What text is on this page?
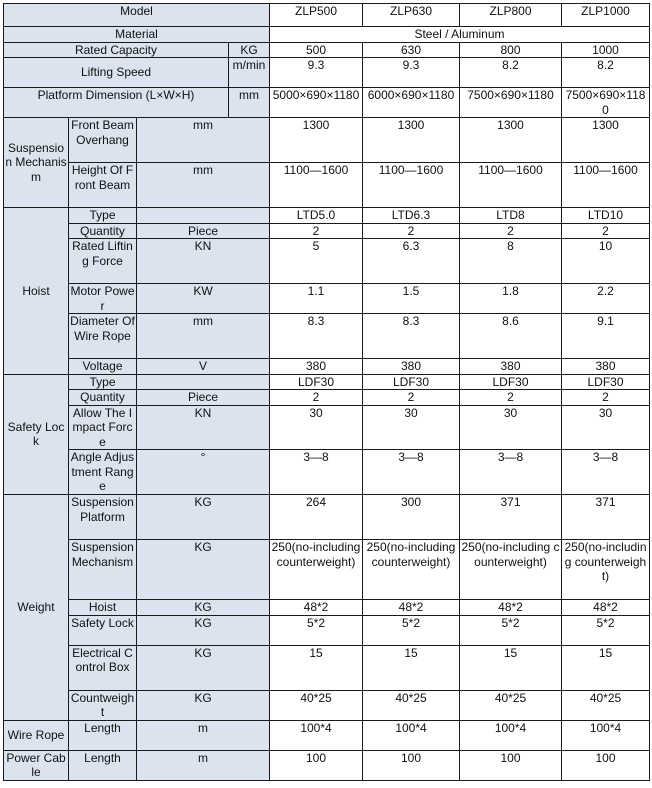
Model				ZLP500	ZLP630	ZLP800	ZLP1000
Material				Steel / Aluminum			
Rated Capacity			KG	500	630	800	1000
Lifting Speed			m/min	9.3	9.3	8.2	8.2
Platform Dimension (L×W×H)			mm	5000×690×1180	6000×690×1180	7500×690×1180	7500×690×1180
Suspension Mechanism	Front Beam Overhang	mm		1300	1300	1300	1300
	Height Of Front Beam	mm		1100—1600	1100—1600	1100—1600	1100—1600
Hoist	Type			LTD5.0	LTD6.3	LTD8	LTD10
	Quantity	Piece		2	2	2	2
	Rated Lifting Force	KN		5	6.3	8	10
	Motor Power	KW		1.1	1.5	1.8	2.2
	Diameter Of Wire Rope	mm		8.3	8.3	8.6	9.1
	Voltage	V		380	380	380	380
Safety Lock	Type			LDF30	LDF30	LDF30	LDF30
	Quantity	Piece		2	2	2	2
	Allow The Impact Force	KN		30	30	30	30
	Angle Adjustment Range	°		3—8	3—8	3—8	3—8
Weight	Suspension Platform	KG		264	300	371	371
	Suspension Mechanism	KG		250(no-including counterweight)	250(no-including counterweight)	250(no-including counterweight)	250(no-including counterweight)
	Hoist	KG		48*2	48*2	48*2	48*2
	Safety Lock	KG		5*2	5*2	5*2	5*2
	Electrical Control Box	KG		15	15	15	15
	Countweight	KG		40*25	40*25	40*25	40*25
Wire Rope	Length	m		100*4	100*4	100*4	100*4
Power Cable	Length	m		100	100	100	100
